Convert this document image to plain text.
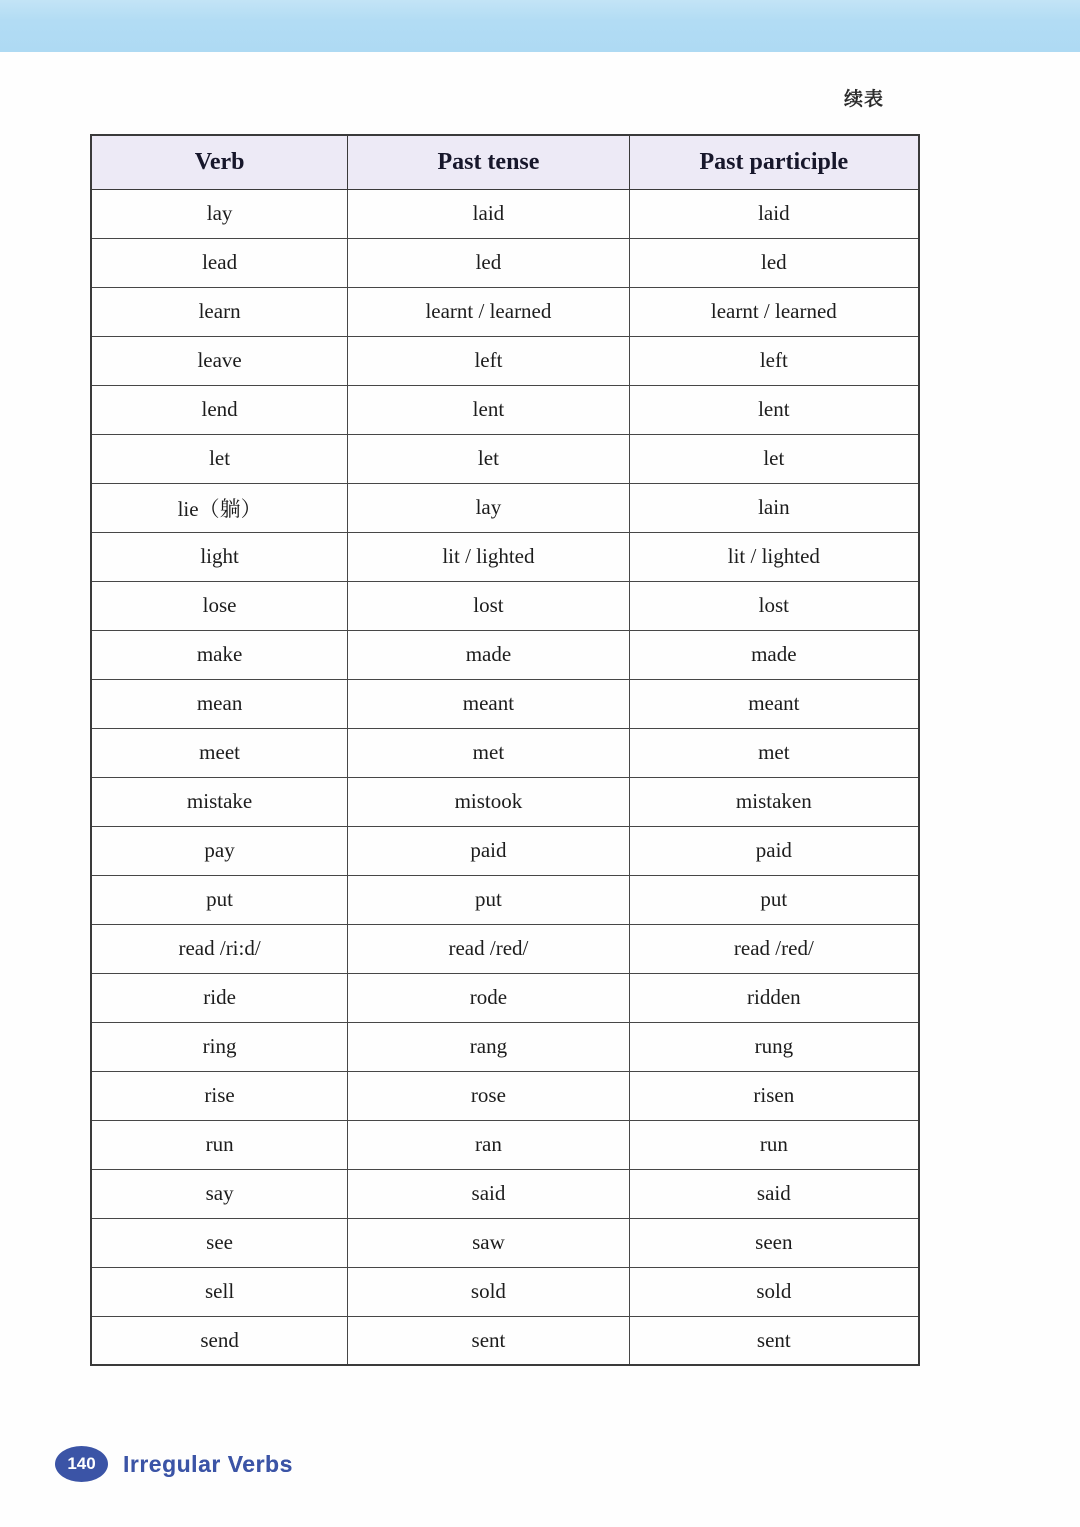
续表
Verb	Past tense	Past participle
lay	laid	laid
lead	led	led
learn	learnt / learned	learnt / learned
leave	left	left
lend	lent	lent
let	let	let
lie（躺）	lay	lain
light	lit / lighted	lit / lighted
lose	lost	lost
make	made	made
mean	meant	meant
meet	met	met
mistake	mistook	mistaken
pay	paid	paid
put	put	put
read /ri:d/	read /red/	read /red/
ride	rode	ridden
ring	rang	rung
rise	rose	risen
run	ran	run
say	said	said
see	saw	seen
sell	sold	sold
send	sent	sent
140	Irregular Verbs
